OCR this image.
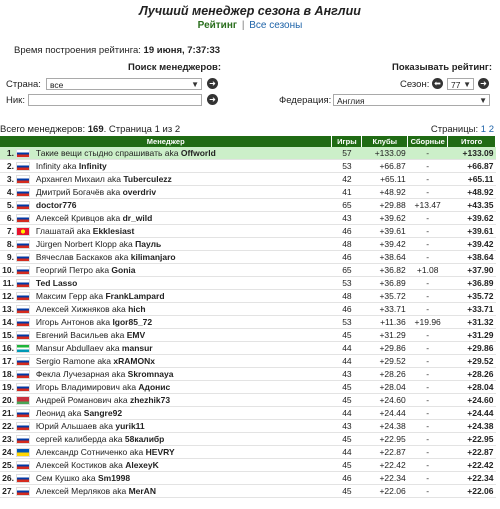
Лучший менеджер сезона в Англии
Рейтинг | Все сезоны
Время построения рейтинга: 19 июня, 7:37:33
Поиск менеджеров:	Показывать рейтинг:
Страна:	все	▼ ➜
Ник:	➜
Сезон: ⬅	77 ▼ ➜
Федерация: Англия	▼
Всего менеджеров: 169. Страница 1 из 2	Страницы: 1 2
Менеджер			Игры	Клубы	Сборные	Итого
1.		Такие вещи стыдно спрашивать aka Offworld	57	+133.09	-	+133.09
2.		Infinity aka Infinity	53	+66.87	-	+66.87
3.		Архангел Михаил aka Tuberculezz	42	+65.11	-	+65.11
4.		Дмитрий Богачёв aka overdriv	41	+48.92	-	+48.92
5.		doctor776	65	+29.88	+13.47	+43.35
6.		Алексей Кривцов aka dr_wild	43	+39.62	-	+39.62
7.		Глашатай aka Ekklesiast	46	+39.61	-	+39.61
8.		Jürgen Norbert Klopp aka Пауль	48	+39.42	-	+39.42
9.		Вячеслав Баскаков aka kilimanjaro	46	+38.64	-	+38.64
10.		Георгий Петро aka Gonia	65	+36.82	+1.08	+37.90
11.		Ted Lasso	53	+36.89	-	+36.89
12.		Максим Герр aka FrankLampard	48	+35.72	-	+35.72
13.		Алексей Хижняков aka hich	46	+33.71	-	+33.71
14.		Игорь Антонов aka Igor85_72	53	+11.36	+19.96	+31.32
15.		Евгений Васильев aka EMV	45	+31.29	-	+31.29
16.		Mansur Abdullaev aka mansur	44	+29.86	-	+29.86
17.		Sergio Ramone aka xRAMONx	44	+29.52	-	+29.52
18.		Фекла Лучезарная aka Skromnaya	43	+28.26	-	+28.26
19.		Игорь Владимирович aka Адонис	45	+28.04	-	+28.04
20.		Андрей Романович aka zhezhik73	45	+24.60	-	+24.60
21.		Леонид aka Sangre92	44	+24.44	-	+24.44
22.		Юрий Альшаев aka yurik11	43	+24.38	-	+24.38
23.		сергей калибердa aka 58калибр	45	+22.95	-	+22.95
24.		Александр Сотниченко aka HEVRY	44	+22.87	-	+22.87
25.		Алексей Костиков aka AlexeyK	45	+22.42	-	+22.42
26.		Сем Кушко aka Sm1998	46	+22.34	-	+22.34
27.		Алексей Мерляков aka MerAN	45	+22.06	-	+22.06
